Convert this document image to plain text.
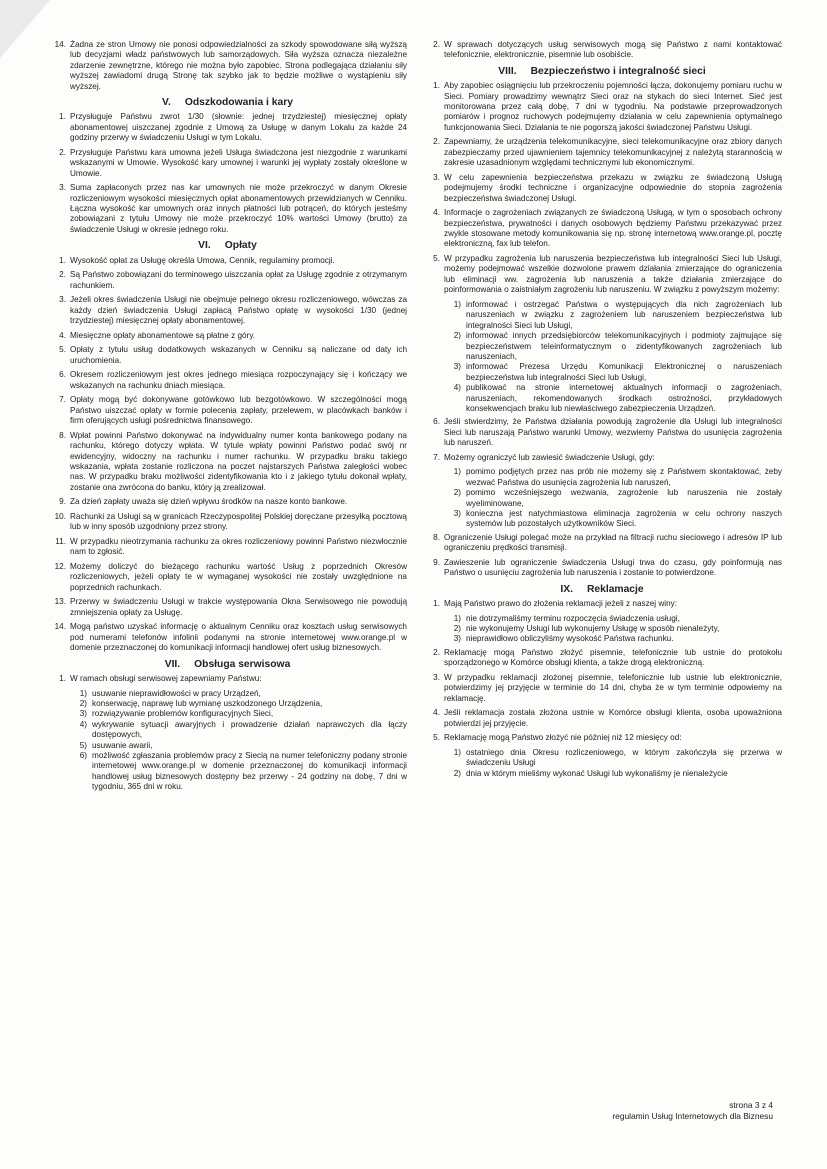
14. Żadna ze stron Umowy nie ponosi odpowiedzialności za szkody spowodowane siłą wyższą lub decyzjami władz państwowych lub samorządowych. Siła wyższa oznacza niezależne zdarzenie zewnętrzne, którego nie można było zapobiec. Strona podlegająca działaniu siły wyższej zawiadomi drugą Stronę tak szybko jak to będzie możliwe o wystąpieniu siły wyższej.
V. Odszkodowania i kary
1. Przysługuje Państwu zwrot 1/30 (słownie: jednej trzydziestej) miesięcznej opłaty abonamentowej uiszczanej zgodnie z Umową za Usługę w danym Lokalu za każde 24 godziny przerwy w świadczeniu Usługi w tym Lokalu.
2. Przysługuje Państwu kara umowna jeżeli Usługa świadczona jest niezgodnie z warunkami wskazanymi w Umowie. Wysokość kary umownej i warunki jej wypłaty zostały określone w Umowie.
3. Suma zapłaconych przez nas kar umownych nie może przekroczyć w danym Okresie rozliczeniowym wysokości miesięcznych opłat abonamentowych przewidzianych w Cenniku. Łączna wysokość kar umownych oraz innych płatności lub potrąceń, do których jesteśmy zobowiązani z tytułu Umowy nie może przekroczyć 10% wartości Umowy (brutto) za świadczenie Usługi w okresie jednego roku.
VI. Opłaty
1. Wysokość opłat za Usługę określa Umowa, Cennik, regulaminy promocji.
2. Są Państwo zobowiązani do terminowego uiszczania opłat za Usługę zgodnie z otrzymanym rachunkiem.
3. Jeżeli okres świadczenia Usługi nie obejmuje pełnego okresu rozliczeniowego, wówczas za każdy dzień świadczenia Usługi zapłacą Państwo opłatę w wysokości 1/30 (jednej trzydziestej) miesięcznej opłaty abonamentowej.
4. Miesięczne opłaty abonamentowe są płatne z góry.
5. Opłaty z tytułu usług dodatkowych wskazanych w Cenniku są naliczane od daty ich uruchomienia.
6. Okresem rozliczeniowym jest okres jednego miesiąca rozpoczynający się i kończący we wskazanych na rachunku dniach miesiąca.
7. Opłaty mogą być dokonywane gotówkowo lub bezgotówkowo. W szczególności mogą Państwo uiszczać opłaty w formie polecenia zapłaty, przelewem, w placówkach banków i firm oferujących usługi pośrednictwa finansowego.
8. Wpłat powinni Państwo dokonywać na indywidualny numer konta bankowego podany na rachunku, którego dotyczy wpłata. W tytule wpłaty powinni Państwo podać swój nr ewidencyjny, widoczny na rachunku i numer rachunku. W przypadku braku takiego wskazania, wpłata zostanie rozliczona na poczet najstarszych Państwa zaległości wobec nas. W przypadku braku możliwości zidentyfikowania kto i z jakiego tytułu dokonał wpłaty, zostanie ona zwrócona do banku, który ją zrealizował.
9. Za dzień zapłaty uważa się dzień wpływu środków na nasze konto bankowe.
10. Rachunki za Usługi są w granicach Rzeczypospolitej Polskiej doręczane przesyłką pocztową lub w inny sposób uzgodniony przez strony.
11. W przypadku nieotrzymania rachunku za okres rozliczeniowy powinni Państwo niezwłocznie nam to zgłosić.
12. Możemy doliczyć do bieżącego rachunku wartość Usług z poprzednich Okresów rozliczeniowych, jeżeli opłaty te w wymaganej wysokości nie zostały uwzględnione na poprzednich rachunkach.
13. Przerwy w świadczeniu Usługi w trakcie występowania Okna Serwisowego nie powodują zmniejszenia opłaty za Usługę.
14. Mogą państwo uzyskać informację o aktualnym Cenniku oraz kosztach usług serwisowych pod numerami telefonów infolinii podanymi na stronie internetowej www.orange.pl w domenie przeznaczonej do komunikacji informacji handlowej ofert usług biznesowych.
VII. Obsługa serwisowa
1. W ramach obsługi serwisowej zapewniamy Państwu:
1) usuwanie nieprawidłowości w pracy Urządzeń,
2) konserwację, naprawę lub wymianę uszkodzonego Urządzenia,
3) rozwiązywanie problemów konfiguracyjnych Sieci,
4) wykrywanie sytuacji awaryjnych i prowadzenie działań naprawczych dla łączy dostępowych,
5) usuwanie awarii,
6) możliwość zgłaszania problemów pracy z Siecią na numer telefoniczny podany stronie internetowej www.orange.pl w domenie przeznaczonej do komunikacji informacji handlowej usług biznesowych dostępny bez przerwy - 24 godziny na dobę, 7 dni w tygodniu, 365 dni w roku.
2. W sprawach dotyczących usług serwisowych mogą się Państwo z nami kontaktować telefonicznie, elektronicznie, pisemnie lub osobiście.
VIII. Bezpieczeństwo i integralność sieci
1. Aby zapobiec osiągnięciu lub przekroczeniu pojemności łącza, dokonujemy pomiaru ruchu w Sieci. Pomiary prowadzimy wewnątrz Sieci oraz na stykach do sieci Internet. Sieć jest monitorowana przez całą dobę, 7 dni w tygodniu. Na podstawie przeprowadzonych pomiarów i prognoz ruchowych podejmujemy działania w celu zapewnienia optymalnego funkcjonowania Sieci. Działania te nie pogorszą jakości świadczonej Państwu Usługi.
2. Zapewniamy, że urządzenia telekomunikacyjne, sieci telekomunikacyjne oraz zbiory danych zabezpieczamy przed ujawnieniem tajemnicy telekomunikacyjnej z należytą starannością w zakresie uzasadnionym względami technicznymi lub ekonomicznymi.
3. W celu zapewnienia bezpieczeństwa przekazu w związku ze świadczoną Usługą podejmujemy środki techniczne i organizacyjne odpowiednie do stopnia zagrożenia bezpieczeństwa świadczonej Usługi.
4. Informacje o zagrożeniach związanych ze świadczoną Usługą, w tym o sposobach ochrony bezpieczeństwa, prywatności i danych osobowych będziemy Państwu przekazywać przez zwykle stosowane metody komunikowania się np. stronę internetową www.orange.pl, pocztę elektroniczną, fax lub telefon.
5. W przypadku zagrożenia lub naruszenia bezpieczeństwa lub integralności Sieci lub Usługi, możemy podejmować wszelkie dozwolone prawem działania zmierzające do ograniczenia lub eliminacji ww. zagrożenia lub naruszenia a także działania zmierzające do poinformowania o zaistniałym zagrożeniu lub naruszeniu. W związku z powyższym możemy:
1) informować i ostrzegać Państwa o występujących dla nich zagrożeniach lub naruszeniach w związku z zagrożeniem lub naruszeniem bezpieczeństwa lub integralności Sieci lub Usługi,
2) informować innych przedsiębiorców telekomunikacyjnych i podmioty zajmujące się bezpieczeństwem teleinformatycznym o zidentyfikowanych zagrożeniach lub naruszeniach,
3) informować Prezesa Urzędu Komunikacji Elektronicznej o naruszeniach bezpieczeństwa lub integralności Sieci lub Usługi,
4) publikować na stronie internetowej aktualnych informacji o zagrożeniach, naruszeniach, rekomendowanych środkach ostrożności, przykładowych konsekwencjach braku lub niewłaściwego zabezpieczenia Urządzeń.
6. Jeśli stwierdzimy, że Państwa działania powodują zagrożenie dla Usługi lub integralności Sieci lub naruszają Państwo warunki Umowy, wezwiemy Państwa do usunięcia zagrożenia lub naruszeń.
7. Możemy ograniczyć lub zawiesić świadczenie Usługi, gdy:
1) pomimo podjętych przez nas prób nie możemy się z Państwem skontaktować, żeby wezwać Państwa do usunięcia zagrożenia lub naruszeń,
2) pomimo wcześniejszego wezwania, zagrożenie lub naruszenia nie zostały wyeliminowane,
3) konieczna jest natychmiastowa eliminacja zagrożenia w celu ochrony naszych systemów lub pozostałych użytkowników Sieci.
8. Ograniczenie Usługi polegać może na przykład na filtracji ruchu sieciowego i adresów IP lub ograniczeniu prędkości transmisji.
9. Zawieszenie lub ograniczenie świadczenia Usługi trwa do czasu, gdy poinformują nas Państwo o usunięciu zagrożenia lub naruszenia i zostanie to potwierdzone.
IX. Reklamacje
1. Mają Państwo prawo do złożenia reklamacji jeżeli z naszej winy:
1) nie dotrzymaliśmy terminu rozpoczęcia świadczenia usługi,
2) nie wykonujemy Usługi lub wykonujemy Usługę w sposób nienależyty,
3) nieprawidłowo obliczyliśmy wysokość Państwa rachunku.
2. Reklamację mogą Państwo złożyć pisemnie, telefonicznie lub ustnie do protokołu sporządzonego w Komórce obsługi klienta, a także drogą elektroniczną.
3. W przypadku reklamacji złożonej pisemnie, telefonicznie lub ustnie lub elektronicznie, potwierdzimy jej przyjęcie w terminie do 14 dni, chyba że w tym terminie odpowiemy na reklamację.
4. Jeśli reklamacja została złożona ustnie w Komórce obsługi klienta, osoba upoważniona potwierdzi jej przyjęcie.
5. Reklamację mogą Państwo złożyć nie później niż 12 miesięcy od:
1) ostatniego dnia Okresu rozliczeniowego, w którym zakończyła się przerwa w świadczeniu Usługi
2) dnia w którym mieliśmy wykonać Usługi lub wykonaliśmy je nienależycie
strona 3 z 4
regulamin Usług Internetowych dla Biznesu
